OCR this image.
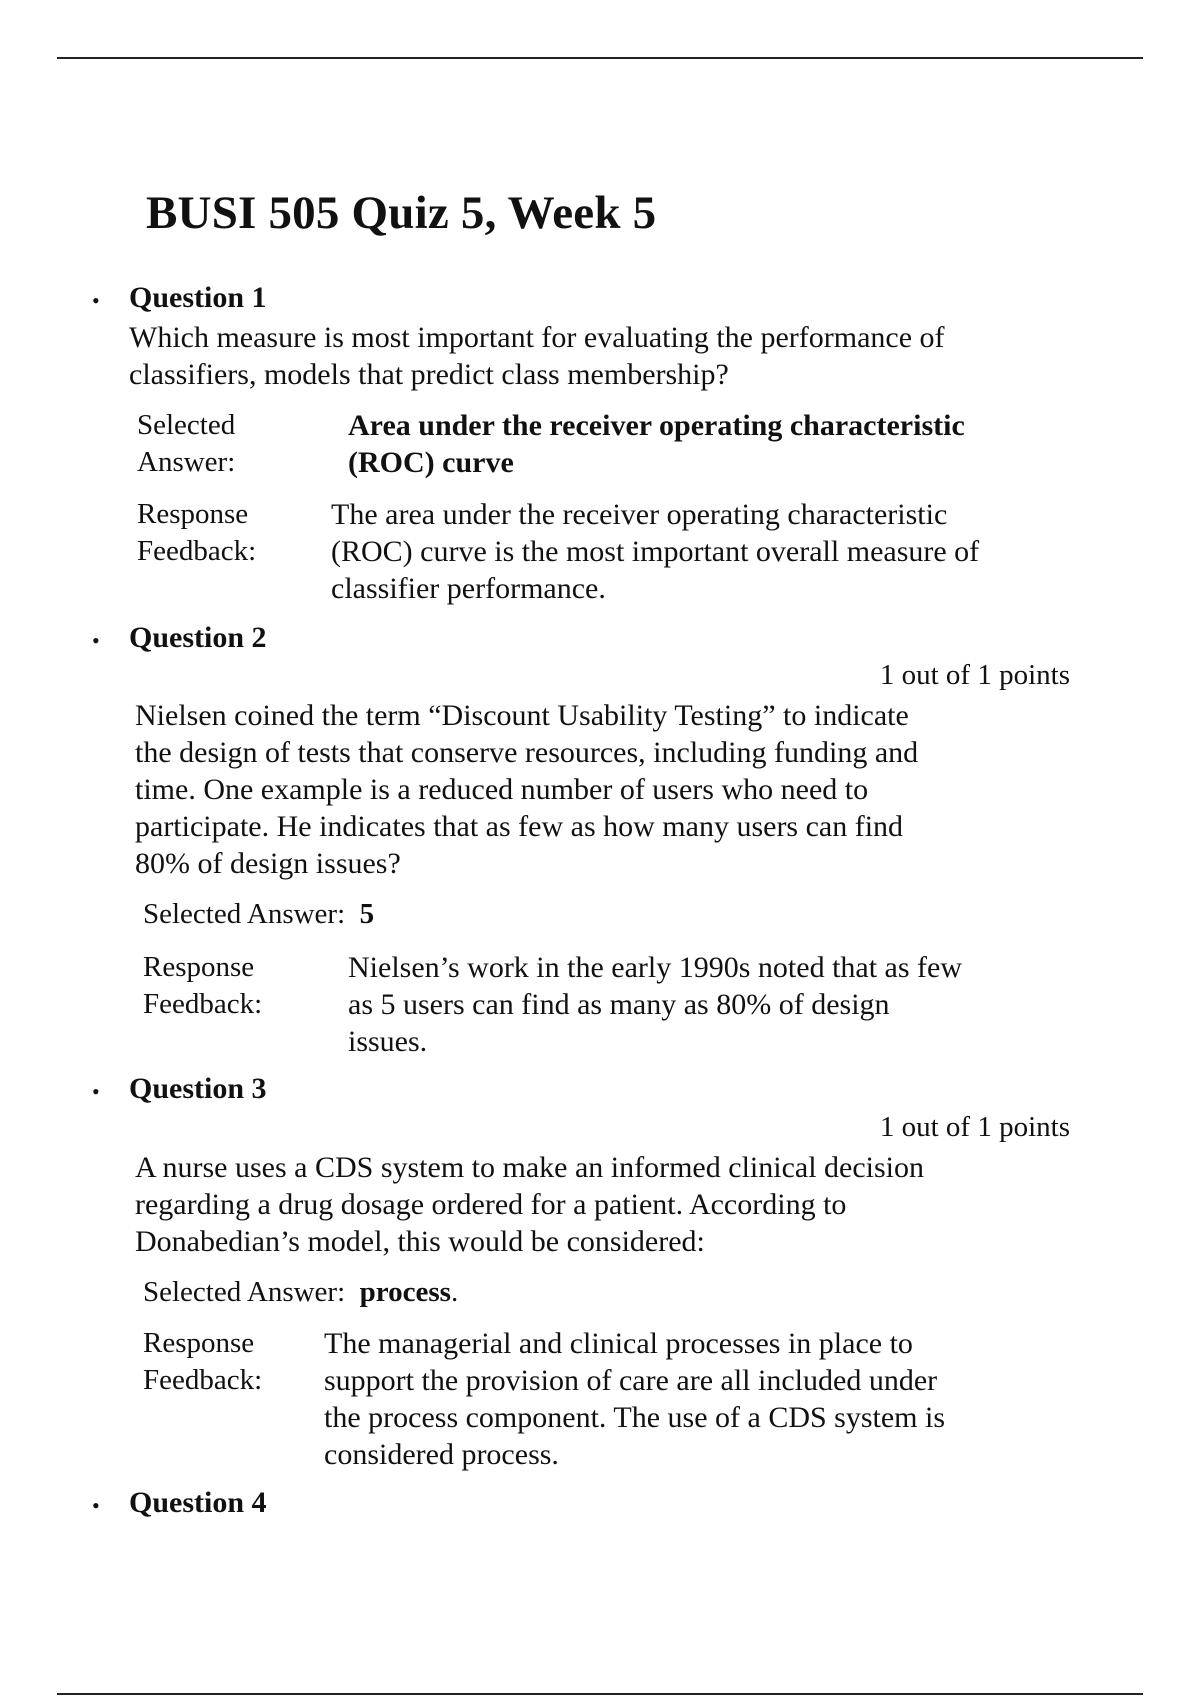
BUSI 505 Quiz 5, Week 5
• Question 1
Which measure is most important for evaluating the performance of
classifiers, models that predict class membership?
Selected
Answer:
Area under the receiver operating characteristic
(ROC) curve
Response
Feedback:
The area under the receiver operating characteristic
(ROC) curve is the most important overall measure of
classifier performance.
• Question 2
1 out of 1 points
Nielsen coined the term “Discount Usability Testing” to indicate
the design of tests that conserve resources, including funding and
time. One example is a reduced number of users who need to
participate. He indicates that as few as how many users can find
80% of design issues?
Selected Answer: 5
Response
Feedback:
Nielsen’s work in the early 1990s noted that as few
as 5 users can find as many as 80% of design
issues.
• Question 3
1 out of 1 points
A nurse uses a CDS system to make an informed clinical decision
regarding a drug dosage ordered for a patient. According to
Donabedian’s model, this would be considered:
Selected Answer: process.
Response
Feedback:
The managerial and clinical processes in place to
support the provision of care are all included under
the process component. The use of a CDS system is
considered process.
• Question 4
